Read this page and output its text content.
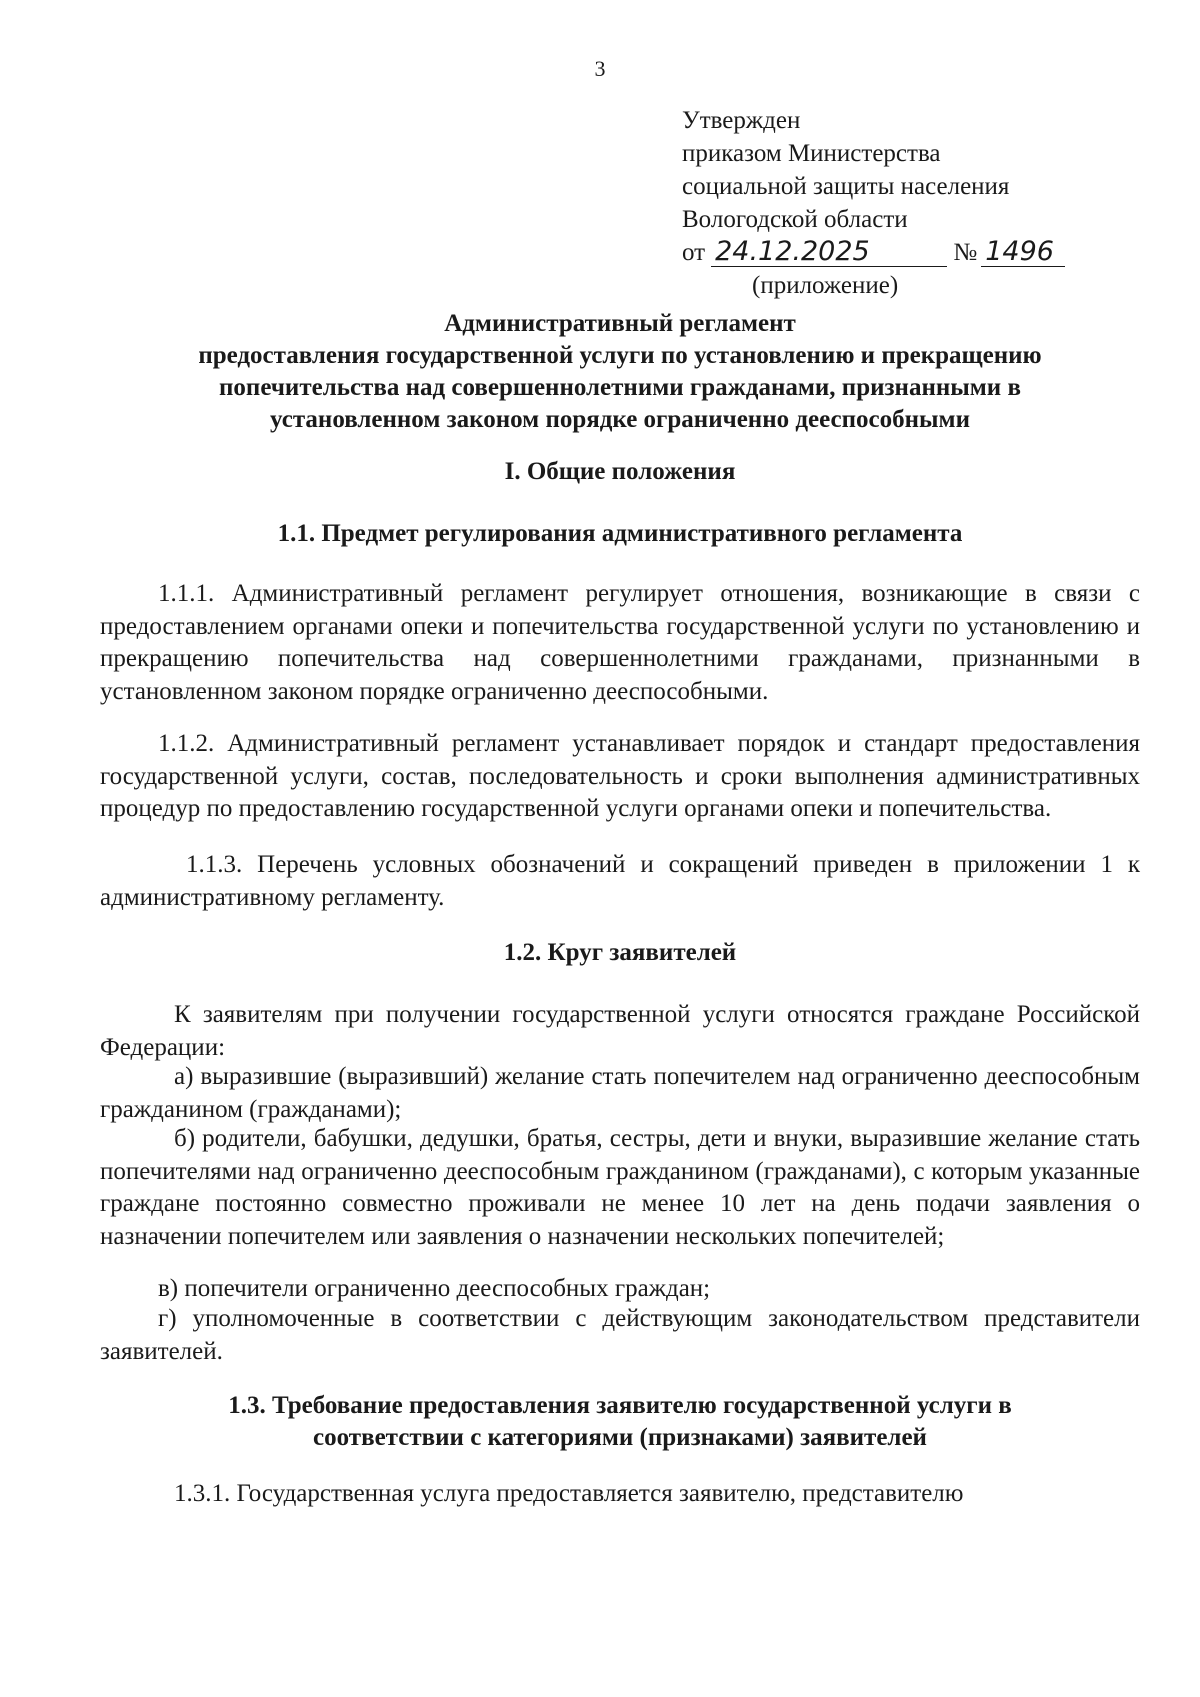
3
Утвержден
приказом Министерства
социальной защиты населения
Вологодской области
от 24.12.2025	№ 1496
(приложение)
Административный регламент
предоставления государственной услуги по установлению и прекращению
попечительства над совершеннолетними гражданами, признанными в
установленном законом порядке ограниченно дееспособными
I. Общие положения
1.1. Предмет регулирования административного регламента

1.1.1. Административный регламент регулирует отношения, возникающие в связи с предоставлением органами опеки и попечительства государственной услуги по установлению и прекращению попечительства над совершеннолетними гражданами, признанными в установленном законом порядке ограниченно дееспособными.

1.1.2. Административный регламент устанавливает порядок и стандарт предоставления государственной услуги, состав, последовательность и сроки выполнения административных процедур по предоставлению государственной услуги органами опеки и попечительства.

1.1.3. Перечень условных обозначений и сокращений приведен в приложении 1 к административному регламенту.

1.2. Круг заявителей

К заявителям при получении государственной услуги относятся граждане Российской Федерации:

а) выразившие (выразивший) желание стать попечителем над ограниченно дееспособным гражданином (гражданами);

б) родители, бабушки, дедушки, братья, сестры, дети и внуки, выразившие желание стать попечителями над ограниченно дееспособным гражданином (гражданами), с которым указанные граждане постоянно совместно проживали не менее 10 лет на день подачи заявления о назначении попечителем или заявления о назначении нескольких попечителей;

в) попечители ограниченно дееспособных граждан;

г) уполномоченные в соответствии с действующим законодательством представители заявителей.

1.3. Требование предоставления заявителю государственной услуги в
соответствии с категориями (признаками) заявителей

1.3.1. Государственная услуга предоставляется заявителю, представителю
